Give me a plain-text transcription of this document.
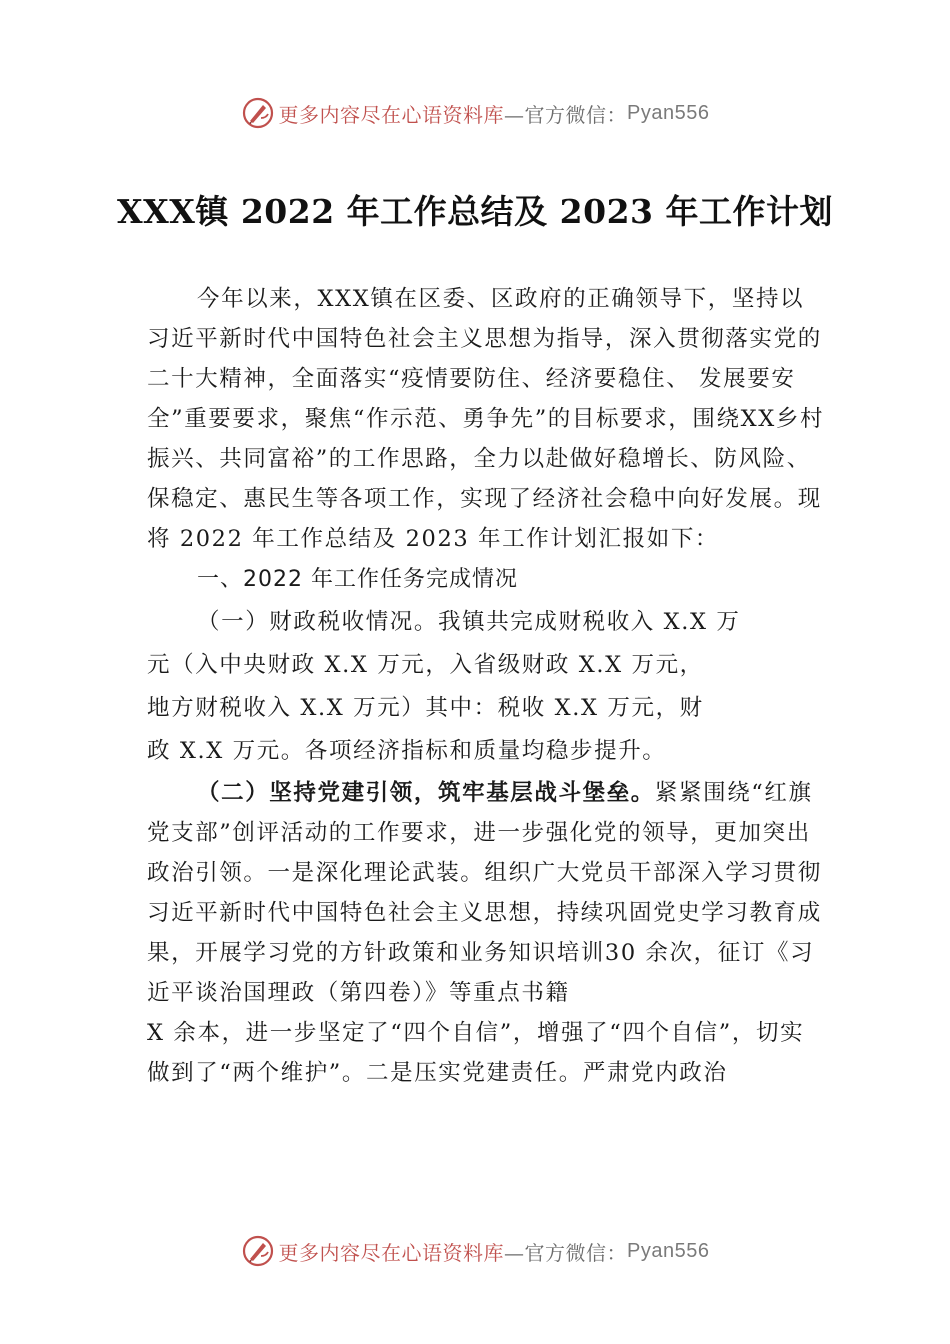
更多内容尽在心语资料库 —官方微信： Pyan556
XXX镇 2022 年工作总结及 2023 年工作计划

今年以来，XXX镇在区委、区政府的正确领导下，坚持以习近平新时代中国特色社会主义思想为指导，深入贯彻落实党的二十大精神，全面落实“疫情要防住、经济要稳住、 发展要安全”重要要求，聚焦“作示范、勇争先”的目标要求，围绕XX乡村振兴、共同富裕”的工作思路，全力以赴做好稳增长、防风险、保稳定、惠民生等各项工作，实现了经济社会稳中向好发展。现将 2022 年工作总结及 2023 年工作计划汇报如下：

一、2022 年工作任务完成情况

（一）财政税收情况。我镇共完成财税收入 X.X 万

元（入中央财政 X.X 万元，入省级财政 X.X 万元，

地方财税收入 X.X 万元）其中：税收 X.X 万元，财

政 X.X 万元。各项经济指标和质量均稳步提升。

（二）坚持党建引领，筑牢基层战斗堡垒。紧紧围绕“红旗党支部”创评活动的工作要求，进一步强化党的领导，更加突出政治引领。一是深化理论武装。组织广大党员干部深入学习贯彻习近平新时代中国特色社会主义思想，持续巩固党史学习教育成果，开展学习党的方针政策和业务知识培训30 余次，征订《习近平谈治国理政（第四卷）》等重点书籍

X 余本，进一步坚定了“四个自信”，增强了“四个自信”，切实做到了“两个维护”。二是压实党建责任。严肃党内政治

更多内容尽在心语资料库 —官方微信： Pyan556
